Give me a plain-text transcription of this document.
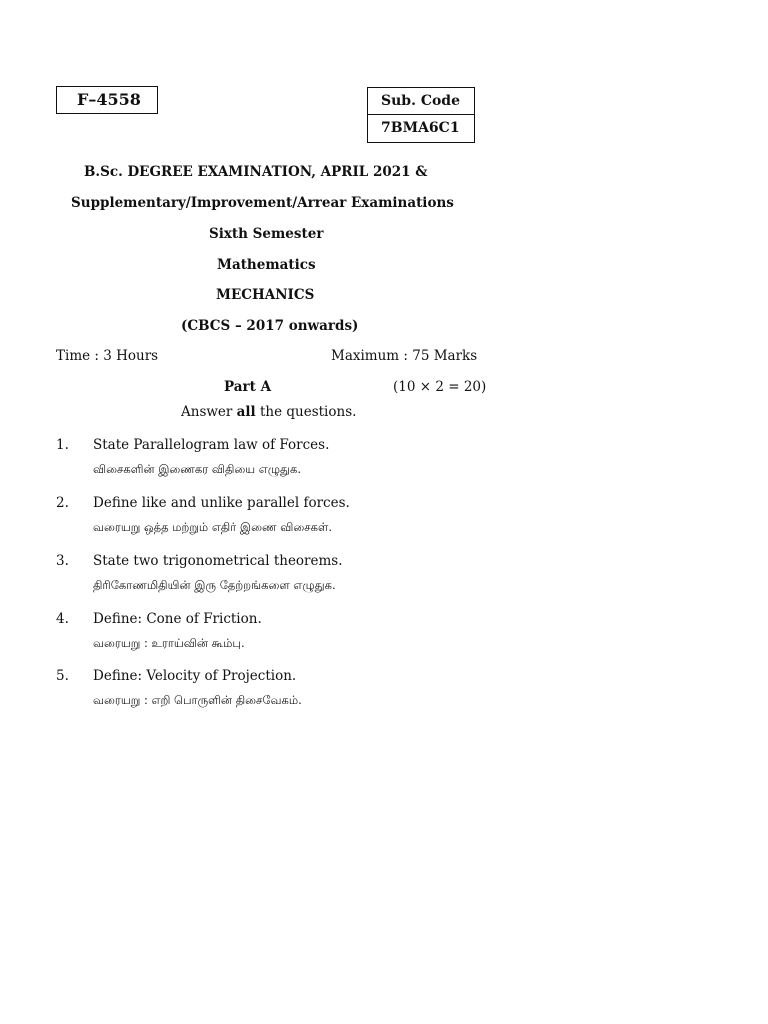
F–4558	Sub. Code
7BMA6C1
B.Sc. DEGREE EXAMINATION, APRIL 2021 &
Supplementary/Improvement/Arrear Examinations
Sixth Semester
Mathematics
MECHANICS
(CBCS – 2017 onwards)
Time : 3 Hours	Maximum : 75 Marks
Part A	(10 × 2 = 20)
Answer all the questions.
1. State Parallelogram law of Forces.
விசைகளின் இணைகர விதியை எழுதுக.
2. Define like and unlike parallel forces.
வரையறு ஒத்த மற்றும் எதிர் இணை விசைகள்.
3. State two trigonometrical theorems.
திரிகோணமிதியின் இரு தேற்றங்களை எழுதுக.
4. Define: Cone of Friction.
வரையறு : உராய்வின் கூம்பு.
5. Define: Velocity of Projection.
வரையறு : எறி பொருளின் திசைவேகம்.
